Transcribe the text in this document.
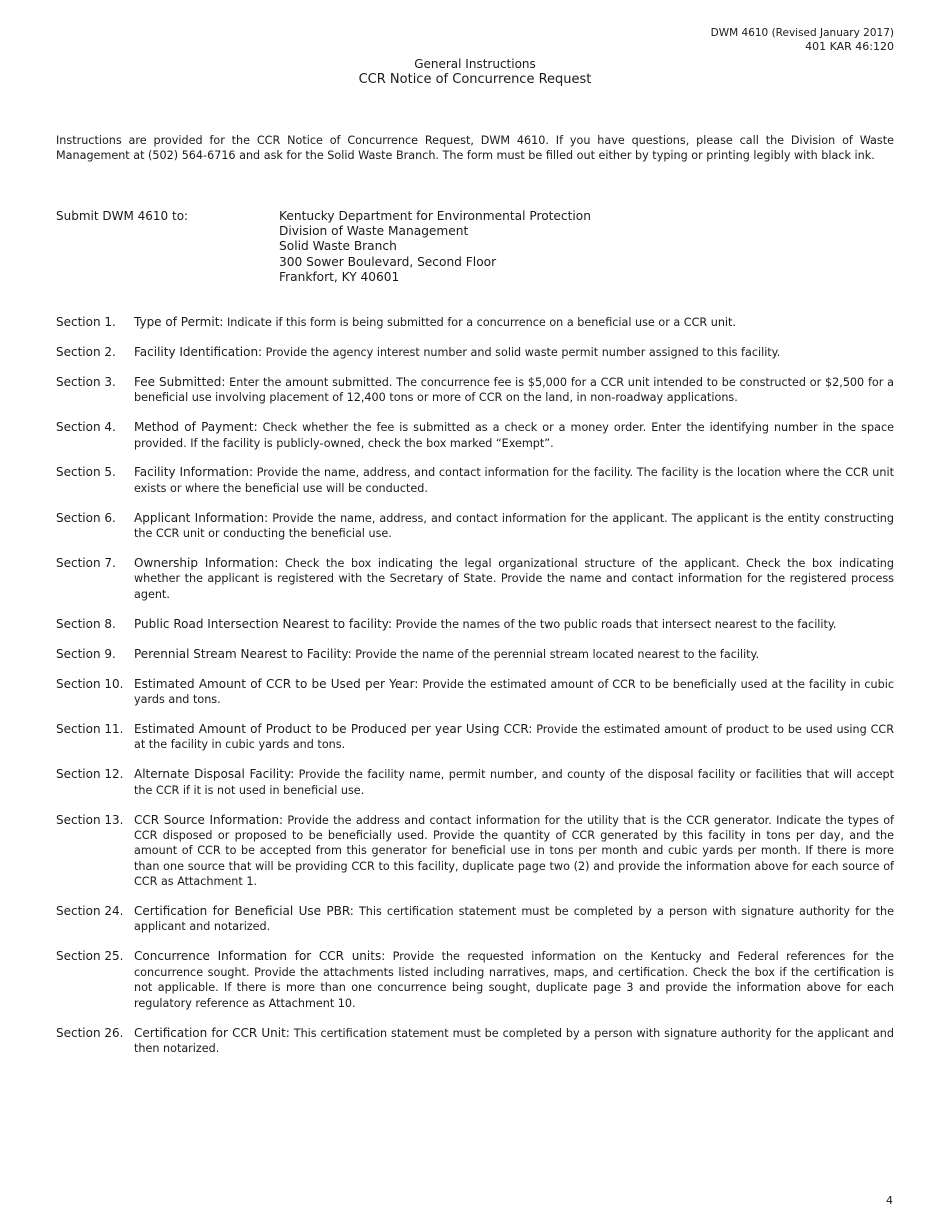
DWM 4610 (Revised January 2017)
401 KAR 46:120
General Instructions
CCR Notice of Concurrence Request
Instructions are provided for the CCR Notice of Concurrence Request, DWM 4610. If you have questions, please call the Division of Waste Management at (502) 564-6716 and ask for the Solid Waste Branch. The form must be filled out either by typing or printing legibly with black ink.
Submit DWM 4610 to:	Kentucky Department for Environmental Protection
Division of Waste Management
Solid Waste Branch
300 Sower Boulevard, Second Floor
Frankfort, KY 40601
Section 1.	Type of Permit: Indicate if this form is being submitted for a concurrence on a beneficial use or a CCR unit.
Section 2.	Facility Identification: Provide the agency interest number and solid waste permit number assigned to this facility.
Section 3.	Fee Submitted: Enter the amount submitted. The concurrence fee is $5,000 for a CCR unit intended to be constructed or $2,500 for a beneficial use involving placement of 12,400 tons or more of CCR on the land, in non-roadway applications.
Section 4.	Method of Payment: Check whether the fee is submitted as a check or a money order. Enter the identifying number in the space provided. If the facility is publicly-owned, check the box marked “Exempt”.
Section 5.	Facility Information: Provide the name, address, and contact information for the facility. The facility is the location where the CCR unit exists or where the beneficial use will be conducted.
Section 6.	Applicant Information: Provide the name, address, and contact information for the applicant. The applicant is the entity constructing the CCR unit or conducting the beneficial use.
Section 7.	Ownership Information: Check the box indicating the legal organizational structure of the applicant. Check the box indicating whether the applicant is registered with the Secretary of State. Provide the name and contact information for the registered process agent.
Section 8.	Public Road Intersection Nearest to facility: Provide the names of the two public roads that intersect nearest to the facility.
Section 9.	Perennial Stream Nearest to Facility: Provide the name of the perennial stream located nearest to the facility.
Section 10. Estimated Amount of CCR to be Used per Year: Provide the estimated amount of CCR to be beneficially used at the facility in cubic yards and tons.
Section 11. Estimated Amount of Product to be Produced per year Using CCR: Provide the estimated amount of product to be used using CCR at the facility in cubic yards and tons.
Section 12. Alternate Disposal Facility: Provide the facility name, permit number, and county of the disposal facility or facilities that will accept the CCR if it is not used in beneficial use.
Section 13. CCR Source Information: Provide the address and contact information for the utility that is the CCR generator. Indicate the types of CCR disposed or proposed to be beneficially used. Provide the quantity of CCR generated by this facility in tons per day, and the amount of CCR to be accepted from this generator for beneficial use in tons per month and cubic yards per month. If there is more than one source that will be providing CCR to this facility, duplicate page two (2) and provide the information above for each source of CCR as Attachment 1.
Section 24. Certification for Beneficial Use PBR: This certification statement must be completed by a person with signature authority for the applicant and notarized.
Section 25. Concurrence Information for CCR units: Provide the requested information on the Kentucky and Federal references for the concurrence sought. Provide the attachments listed including narratives, maps, and certification. Check the box if the certification is not applicable. If there is more than one concurrence being sought, duplicate page 3 and provide the information above for each regulatory reference as Attachment 10.
Section 26. Certification for CCR Unit: This certification statement must be completed by a person with signature authority for the applicant and then notarized.
4
